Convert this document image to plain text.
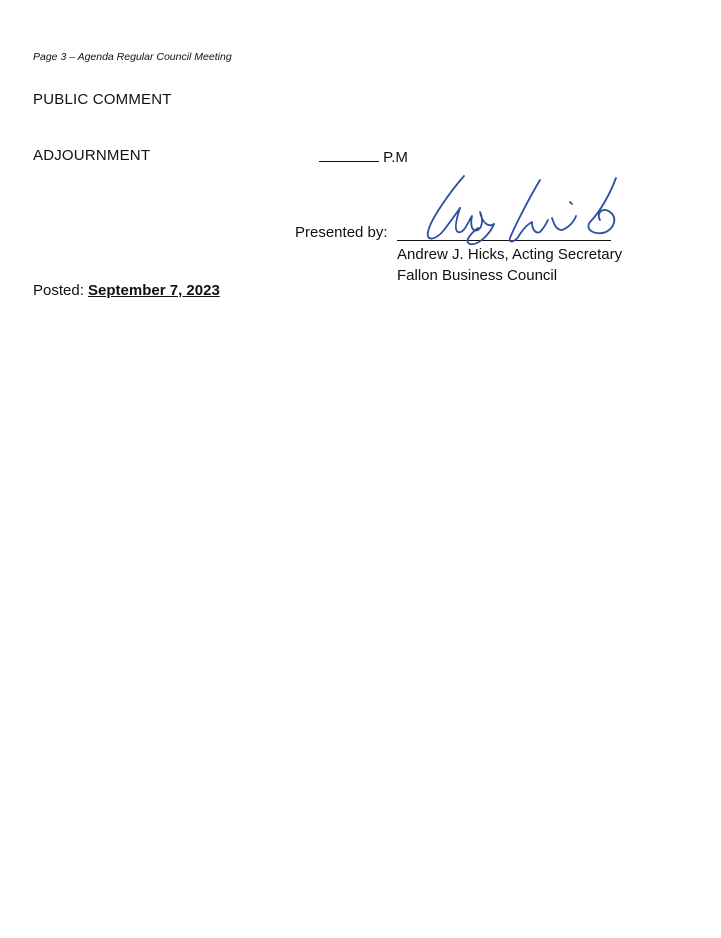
Page 3 – Agenda Regular Council Meeting
PUBLIC COMMENT
ADJOURNMENT	P.M
Presented by:
Andrew J. Hicks, Acting Secretary
Fallon Business Council
Posted: September 7, 2023
